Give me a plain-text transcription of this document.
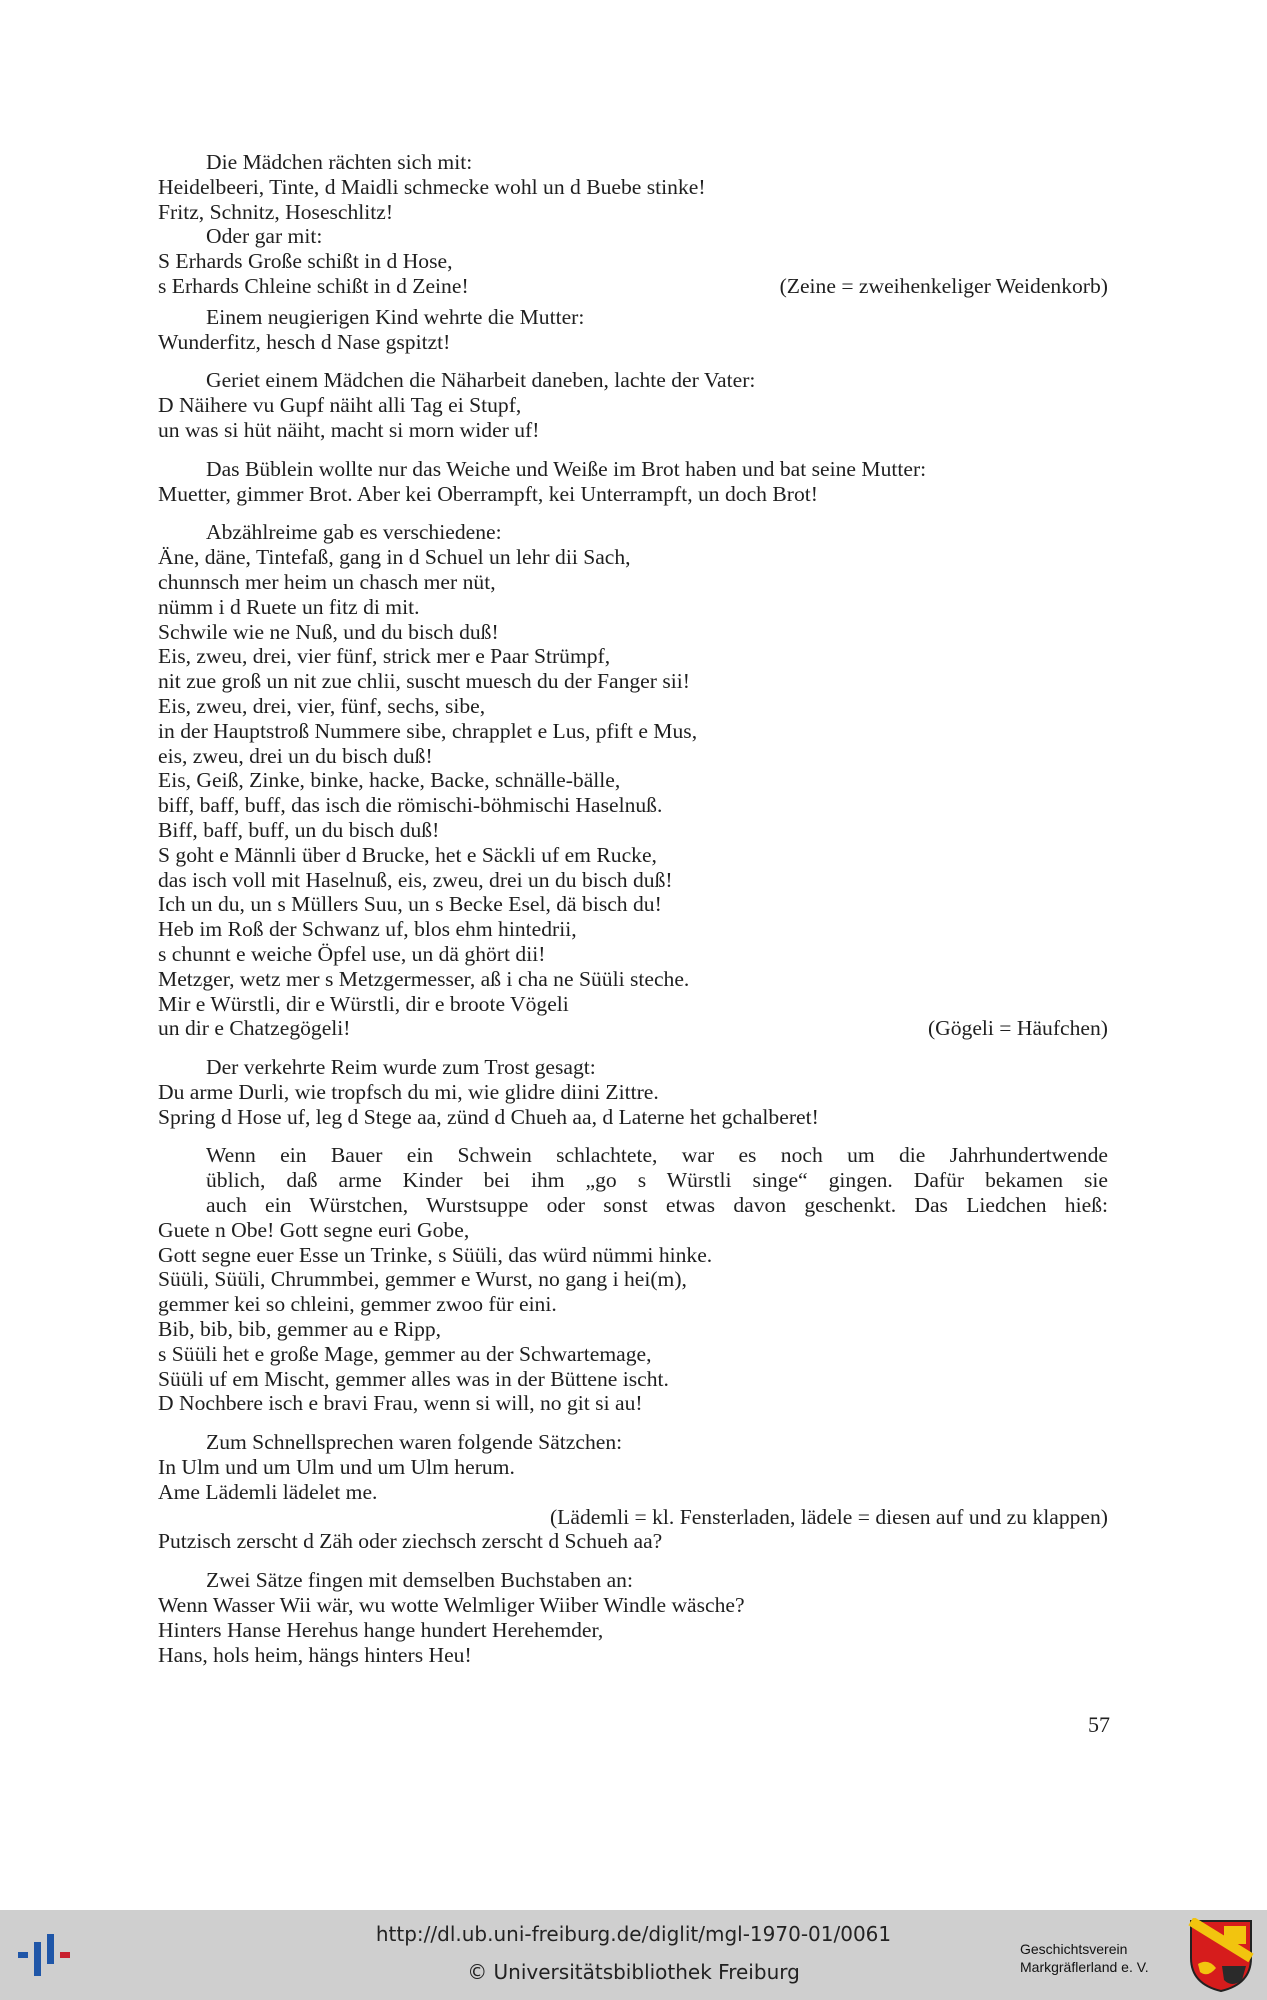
Die Mädchen rächten sich mit:
Heidelbeeri, Tinte, d Maidli schmecke wohl un d Buebe stinke!
Fritz, Schnitz, Hoseschlitz!
Oder gar mit:
S Erhards Große schißt in d Hose,
s Erhards Chleine schißt in d Zeine!	(Zeine = zweihenkeliger Weidenkorb)
Einem neugierigen Kind wehrte die Mutter:
Wunderfitz, hesch d Nase gspitzt!
Geriet einem Mädchen die Näharbeit daneben, lachte der Vater:
D Näihere vu Gupf näiht alli Tag ei Stupf,
un was si hüt näiht, macht si morn wider uf!
Das Büblein wollte nur das Weiche und Weiße im Brot haben und bat seine Mutter:
Muetter, gimmer Brot. Aber kei Oberrampft, kei Unterrampft, un doch Brot!
Abzählreime gab es verschiedene:
Äne, däne, Tintefaß, gang in d Schuel un lehr dii Sach,
chunnsch mer heim un chasch mer nüt,
nümm i d Ruete un fitz di mit.
Schwile wie ne Nuß, und du bisch duß!
Eis, zweu, drei, vier fünf, strick mer e Paar Strümpf,
nit zue groß un nit zue chlii, suscht muesch du der Fanger sii!
Eis, zweu, drei, vier, fünf, sechs, sibe,
in der Hauptstroß Nummere sibe, chrapplet e Lus, pfift e Mus,
eis, zweu, drei un du bisch duß!
Eis, Geiß, Zinke, binke, hacke, Backe, schnälle-bälle,
biff, baff, buff, das isch die römischi-böhmischi Haselnuß.
Biff, baff, buff, un du bisch duß!
S goht e Männli über d Brucke, het e Säckli uf em Rucke,
das isch voll mit Haselnuß, eis, zweu, drei un du bisch duß!
Ich un du, un s Müllers Suu, un s Becke Esel, dä bisch du!
Heb im Roß der Schwanz uf, blos ehm hintedrii,
s chunnt e weiche Öpfel use, un dä ghört dii!
Metzger, wetz mer s Metzgermesser, aß i cha ne Süüli steche.
Mir e Würstli, dir e Würstli, dir e broote Vögeli
un dir e Chatzegögeli!	(Gögeli = Häufchen)
Der verkehrte Reim wurde zum Trost gesagt:
Du arme Durli, wie tropfsch du mi, wie glidre diini Zittre.
Spring d Hose uf, leg d Stege aa, zünd d Chueh aa, d Laterne het gchalberet!
Wenn ein Bauer ein Schwein schlachtete, war es noch um die Jahrhundertwende
üblich, daß arme Kinder bei ihm „go s Würstli singe“ gingen. Dafür bekamen sie
auch ein Würstchen, Wurstsuppe oder sonst etwas davon geschenkt. Das Liedchen hieß:
Guete n Obe! Gott segne euri Gobe,
Gott segne euer Esse un Trinke, s Süüli, das würd nümmi hinke.
Süüli, Süüli, Chrummbei, gemmer e Wurst, no gang i hei(m),
gemmer kei so chleini, gemmer zwoo für eini.
Bib, bib, bib, gemmer au e Ripp,
s Süüli het e große Mage, gemmer au der Schwartemage,
Süüli uf em Mischt, gemmer alles was in der Büttene ischt.
D Nochbere isch e bravi Frau, wenn si will, no git si au!
Zum Schnellsprechen waren folgende Sätzchen:
In Ulm und um Ulm und um Ulm herum.
Ame Lädemli lädelet me.
(Lädemli = kl. Fensterladen, lädele = diesen auf und zu klappen)
Putzisch zerscht d Zäh oder ziechsch zerscht d Schueh aa?
Zwei Sätze fingen mit demselben Buchstaben an:
Wenn Wasser Wii wär, wu wotte Welmliger Wiiber Windle wäsche?
Hinters Hanse Herehus hange hundert Herehemder,
Hans, hols heim, hängs hinters Heu!
57
http://dl.ub.uni-freiburg.de/diglit/mgl-1970-01/0061
© Universitätsbibliothek Freiburg
Geschichtsverein
Markgräflerland e. V.
